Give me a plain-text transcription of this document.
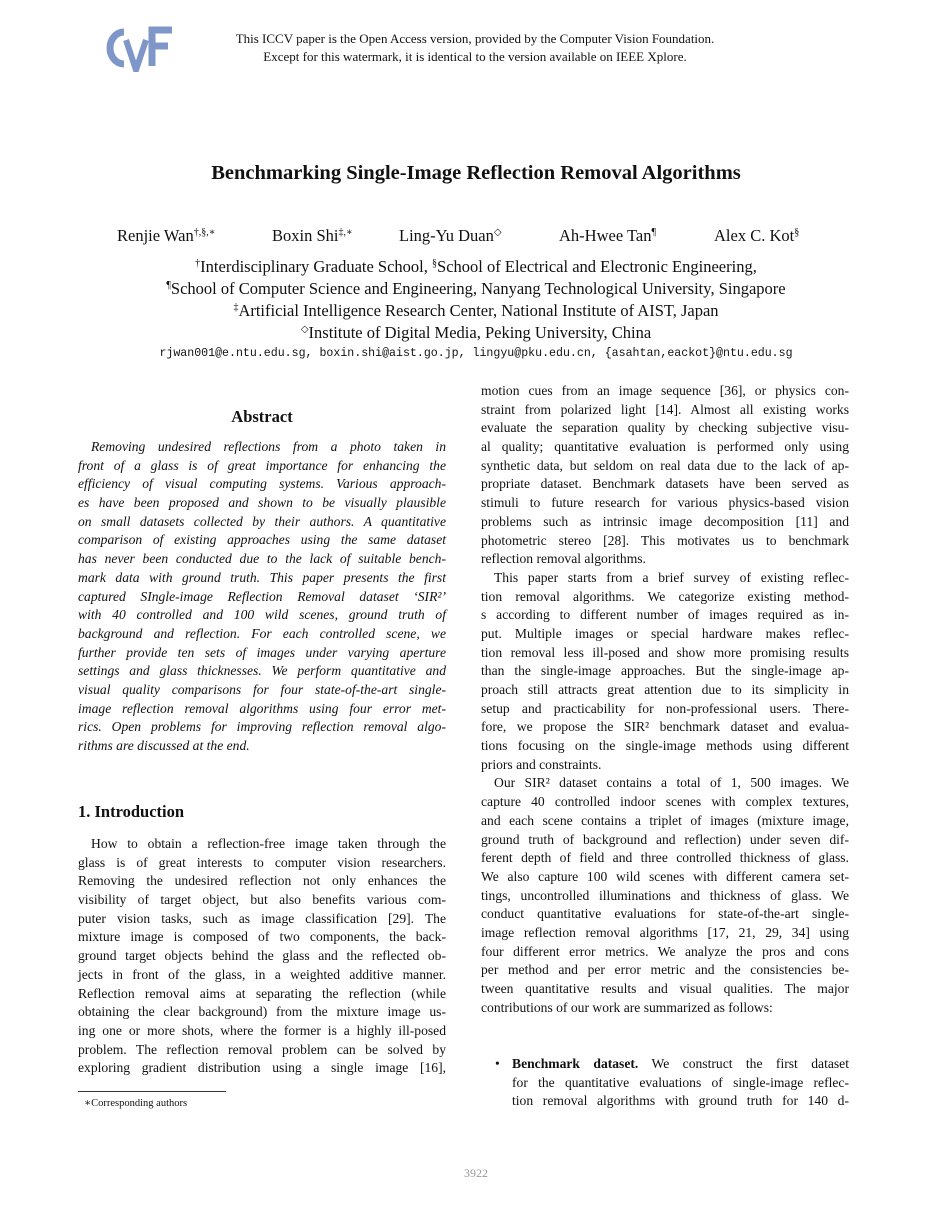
This ICCV paper is the Open Access version, provided by the Computer Vision Foundation.
Except for this watermark, it is identical to the version available on IEEE Xplore.
Benchmarking Single-Image Reflection Removal Algorithms
Renjie Wan†,§,∗	Boxin Shi‡,∗	Ling-Yu Duan◇	Ah-Hwee Tan¶	Alex C. Kot§
†Interdisciplinary Graduate School, §School of Electrical and Electronic Engineering,
¶School of Computer Science and Engineering, Nanyang Technological University, Singapore
‡Artificial Intelligence Research Center, National Institute of AIST, Japan
◇Institute of Digital Media, Peking University, China
rjwan001@e.ntu.edu.sg, boxin.shi@aist.go.jp, lingyu@pku.edu.cn, {asahtan,eackot}@ntu.edu.sg
Abstract
Removing undesired reflections from a photo taken in
front of a glass is of great importance for enhancing the
efficiency of visual computing systems. Various approach-
es have been proposed and shown to be visually plausible
on small datasets collected by their authors. A quantitative
comparison of existing approaches using the same dataset
has never been conducted due to the lack of suitable bench-
mark data with ground truth. This paper presents the first
captured SIngle-image Reflection Removal dataset ‘SIR²’
with 40 controlled and 100 wild scenes, ground truth of
background and reflection. For each controlled scene, we
further provide ten sets of images under varying aperture
settings and glass thicknesses. We perform quantitative and
visual quality comparisons for four state-of-the-art single-
image reflection removal algorithms using four error met-
rics. Open problems for improving reflection removal algo-
rithms are discussed at the end.
1. Introduction
How to obtain a reflection-free image taken through the
glass is of great interests to computer vision researchers.
Removing the undesired reflection not only enhances the
visibility of target object, but also benefits various com-
puter vision tasks, such as image classification [29]. The
mixture image is composed of two components, the back-
ground target objects behind the glass and the reflected ob-
jects in front of the glass, in a weighted additive manner.
Reflection removal aims at separating the reflection (while
obtaining the clear background) from the mixture image us-
ing one or more shots, where the former is a highly ill-posed
problem. The reflection removal problem can be solved by
exploring gradient distribution using a single image [16],
motion cues from an image sequence [36], or physics con-
straint from polarized light [14]. Almost all existing works
evaluate the separation quality by checking subjective visu-
al quality; quantitative evaluation is performed only using
synthetic data, but seldom on real data due to the lack of ap-
propriate dataset. Benchmark datasets have been served as
stimuli to future research for various physics-based vision
problems such as intrinsic image decomposition [11] and
photometric stereo [28]. This motivates us to benchmark
reflection removal algorithms.
This paper starts from a brief survey of existing reflec-
tion removal algorithms. We categorize existing method-
s according to different number of images required as in-
put. Multiple images or special hardware makes reflec-
tion removal less ill-posed and show more promising results
than the single-image approaches. But the single-image ap-
proach still attracts great attention due to its simplicity in
setup and practicability for non-professional users. There-
fore, we propose the SIR² benchmark dataset and evalua-
tions focusing on the single-image methods using different
priors and constraints.
Our SIR² dataset contains a total of 1, 500 images. We
capture 40 controlled indoor scenes with complex textures,
and each scene contains a triplet of images (mixture image,
ground truth of background and reflection) under seven dif-
ferent depth of field and three controlled thickness of glass.
We also capture 100 wild scenes with different camera set-
tings, uncontrolled illuminations and thickness of glass. We
conduct quantitative evaluations for state-of-the-art single-
image reflection removal algorithms [17, 21, 29, 34] using
four different error metrics. We analyze the pros and cons
per method and per error metric and the consistencies be-
tween quantitative results and visual qualities. The major
contributions of our work are summarized as follows:
• Benchmark dataset. We construct the first dataset
for the quantitative evaluations of single-image reflec-
tion removal algorithms with ground truth for 140 d-
∗Corresponding authors
3922
